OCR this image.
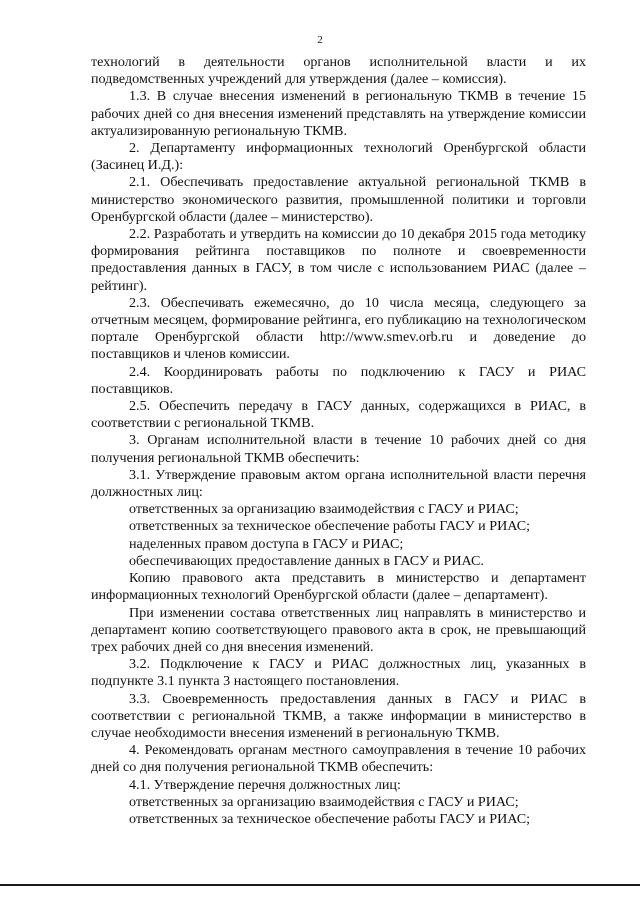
2

технологий в деятельности органов исполнительной власти и их подведомственных учреждений для утверждения (далее – комиссия).

1.3. В случае внесения изменений в региональную ТКМВ в течение 15 рабочих дней со дня внесения изменений представлять на утверждение комиссии актуализированную региональную ТКМВ.

2. Департаменту информационных технологий Оренбургской области (Засинец И.Д.):

2.1. Обеспечивать предоставление актуальной региональной ТКМВ в министерство экономического развития, промышленной политики и торговли Оренбургской области (далее – министерство).

2.2. Разработать и утвердить на комиссии до 10 декабря 2015 года методику формирования рейтинга поставщиков по полноте и своевременности предоставления данных в ГАСУ, в том числе с использованием РИАС (далее – рейтинг).

2.3. Обеспечивать ежемесячно, до 10 числа месяца, следующего за отчетным месяцем, формирование рейтинга, его публикацию на технологическом портале Оренбургской области http://www.smev.orb.ru и доведение до поставщиков и членов комиссии.

2.4. Координировать работы по подключению к ГАСУ и РИАС поставщиков.

2.5. Обеспечить передачу в ГАСУ данных, содержащихся в РИАС, в соответствии с региональной ТКМВ.

3. Органам исполнительной власти в течение 10 рабочих дней со дня получения региональной ТКМВ обеспечить:

3.1. Утверждение правовым актом органа исполнительной власти перечня должностных лиц:

ответственных за организацию взаимодействия с ГАСУ и РИАС;

ответственных за техническое обеспечение работы ГАСУ и РИАС;

наделенных правом доступа в ГАСУ и РИАС;

обеспечивающих предоставление данных в ГАСУ и РИАС.

Копию правового акта представить в министерство и департамент информационных технологий Оренбургской области (далее – департамент).

При изменении состава ответственных лиц направлять в министерство и департамент копию соответствующего правового акта в срок, не превышающий трех рабочих дней со дня внесения изменений.

3.2. Подключение к ГАСУ и РИАС должностных лиц, указанных в подпункте 3.1 пункта 3 настоящего постановления.

3.3. Своевременность предоставления данных в ГАСУ и РИАС в соответствии с региональной ТКМВ, а также информации в министерство в случае необходимости внесения изменений в региональную ТКМВ.

4. Рекомендовать органам местного самоуправления в течение 10 рабочих дней со дня получения региональной ТКМВ обеспечить:

4.1. Утверждение перечня должностных лиц:

ответственных за организацию взаимодействия с ГАСУ и РИАС;

ответственных за техническое обеспечение работы ГАСУ и РИАС;
